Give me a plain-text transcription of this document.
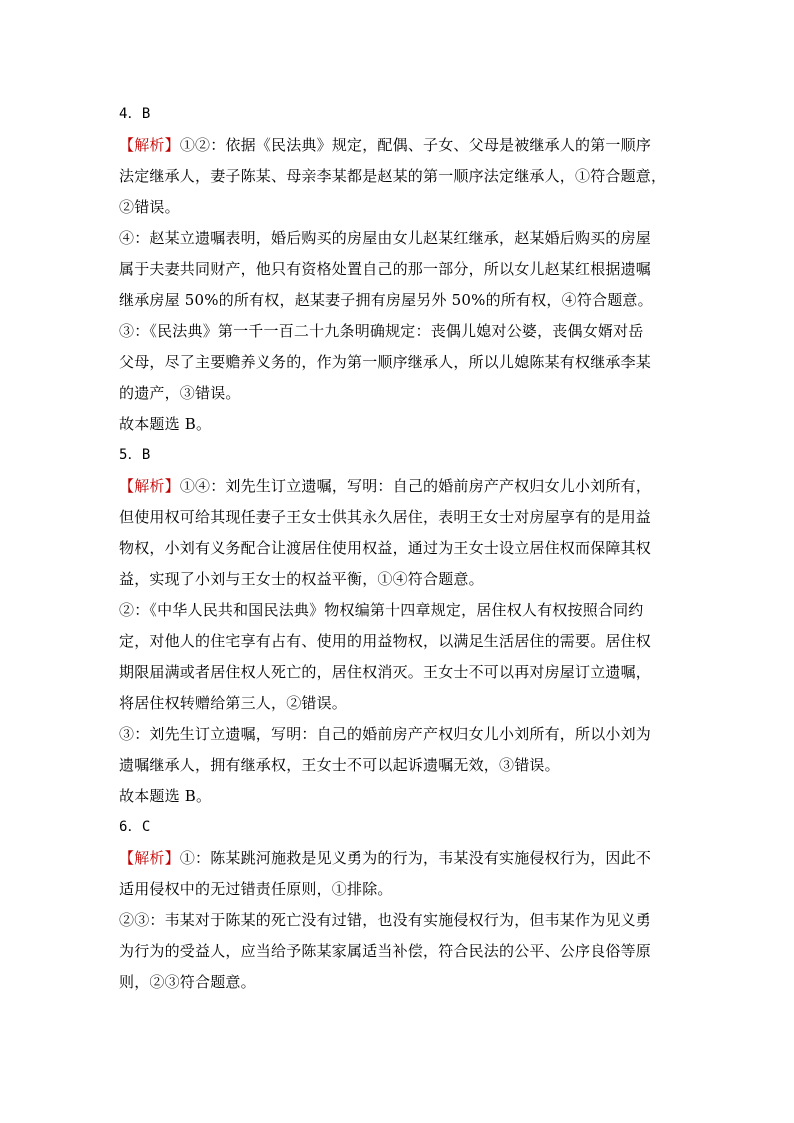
4．B
【解析】①②：依据《民法典》规定，配偶、子女、父母是被继承人的第一顺序
法定继承人，妻子陈某、母亲李某都是赵某的第一顺序法定继承人，①符合题意，
②错误。
④：赵某立遗嘱表明，婚后购买的房屋由女儿赵某红继承，赵某婚后购买的房屋
属于夫妻共同财产，他只有资格处置自己的那一部分，所以女儿赵某红根据遗嘱
继承房屋 50%的所有权，赵某妻子拥有房屋另外 50%的所有权，④符合题意。
③：《民法典》第一千一百二十九条明确规定：丧偶儿媳对公婆，丧偶女婿对岳
父母，尽了主要赡养义务的，作为第一顺序继承人，所以儿媳陈某有权继承李某
的遗产，③错误。
故本题选 B。
5．B
【解析】①④：刘先生订立遗嘱，写明：自己的婚前房产产权归女儿小刘所有，
但使用权可给其现任妻子王女士供其永久居住，表明王女士对房屋享有的是用益
物权，小刘有义务配合让渡居住使用权益，通过为王女士设立居住权而保障其权
益，实现了小刘与王女士的权益平衡，①④符合题意。
②：《中华人民共和国民法典》物权编第十四章规定，居住权人有权按照合同约
定，对他人的住宅享有占有、使用的用益物权，以满足生活居住的需要。居住权
期限届满或者居住权人死亡的，居住权消灭。王女士不可以再对房屋订立遗嘱，
将居住权转赠给第三人，②错误。
③：刘先生订立遗嘱，写明：自己的婚前房产产权归女儿小刘所有，所以小刘为
遗嘱继承人，拥有继承权，王女士不可以起诉遗嘱无效，③错误。
故本题选 B。
6．C
【解析】①：陈某跳河施救是见义勇为的行为，韦某没有实施侵权行为，因此不
适用侵权中的无过错责任原则，①排除。
②③：韦某对于陈某的死亡没有过错，也没有实施侵权行为，但韦某作为见义勇
为行为的受益人，应当给予陈某家属适当补偿，符合民法的公平、公序良俗等原
则，②③符合题意。
